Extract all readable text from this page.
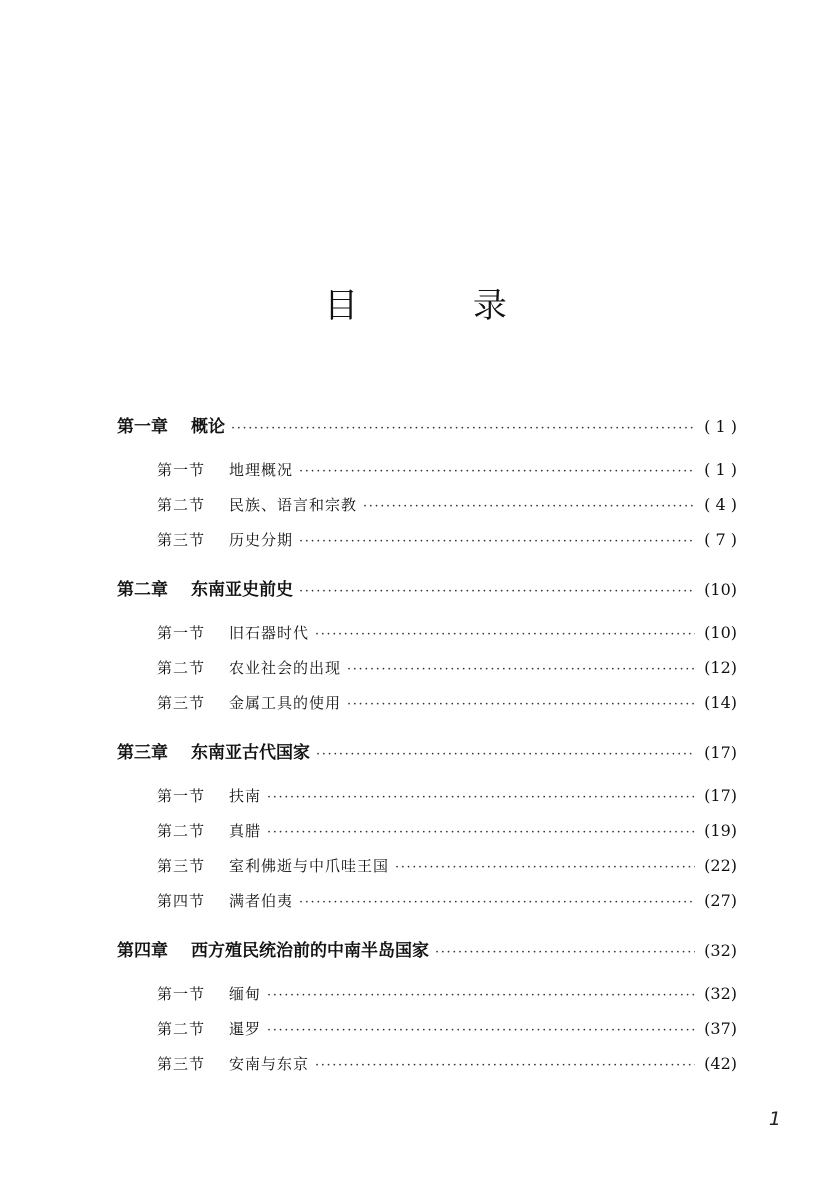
目 录
第一章	概论 ·····	( 1 )
第一节	地理概况 ·····	( 1 )
第二节	民族、语言和宗教 ·····	( 4 )
第三节	历史分期 ·····	( 7 )
第二章	东南亚史前史 ·····	(10)
第一节	旧石器时代 ·····	(10)
第二节	农业社会的出现 ·····	(12)
第三节	金属工具的使用 ·····	(14)
第三章	东南亚古代国家 ·····	(17)
第一节	扶南 ·····	(17)
第二节	真腊 ·····	(19)
第三节	室利佛逝与中爪哇王国 ·····	(22)
第四节	满者伯夷 ·····	(27)
第四章	西方殖民统治前的中南半岛国家 ·····	(32)
第一节	缅甸 ·····	(32)
第二节	暹罗 ·····	(37)
第三节	安南与东京 ·····	(42)
1
